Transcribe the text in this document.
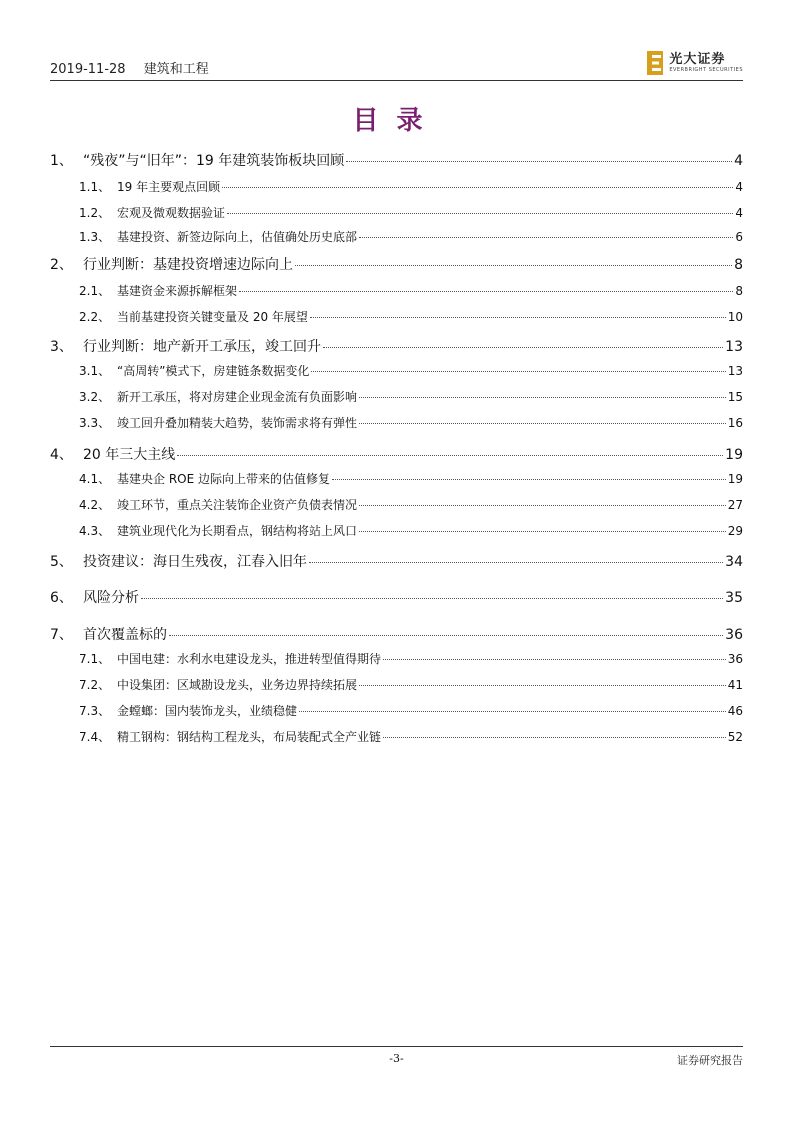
2019-11-28 建筑和工程
光大证券
EVERBRIGHT SECURITIES
目录
1、 “残夜”与“旧年”：19 年建筑装饰板块回顾	4
1.1、 19 年主要观点回顾	4
1.2、 宏观及微观数据验证	4
1.3、 基建投资、新签边际向上，估值确处历史底部	6
2、 行业判断：基建投资增速边际向上	8
2.1、 基建资金来源拆解框架	8
2.2、 当前基建投资关键变量及 20 年展望	10
3、 行业判断：地产新开工承压，竣工回升	13
3.1、 “高周转”模式下，房建链条数据变化	13
3.2、 新开工承压，将对房建企业现金流有负面影响	15
3.3、 竣工回升叠加精装大趋势，装饰需求将有弹性	16
4、 20 年三大主线	19
4.1、 基建央企 ROE 边际向上带来的估值修复	19
4.2、 竣工环节，重点关注装饰企业资产负债表情况	27
4.3、 建筑业现代化为长期看点，钢结构将站上风口	29
5、 投资建议：海日生残夜，江春入旧年	34
6、 风险分析	35
7、 首次覆盖标的	36
7.1、 中国电建：水利水电建设龙头，推进转型值得期待	36
7.2、 中设集团：区域勘设龙头，业务边界持续拓展	41
7.3、 金螳螂：国内装饰龙头，业绩稳健	46
7.4、 精工钢构：钢结构工程龙头，布局装配式全产业链	52
-3-	证券研究报告
